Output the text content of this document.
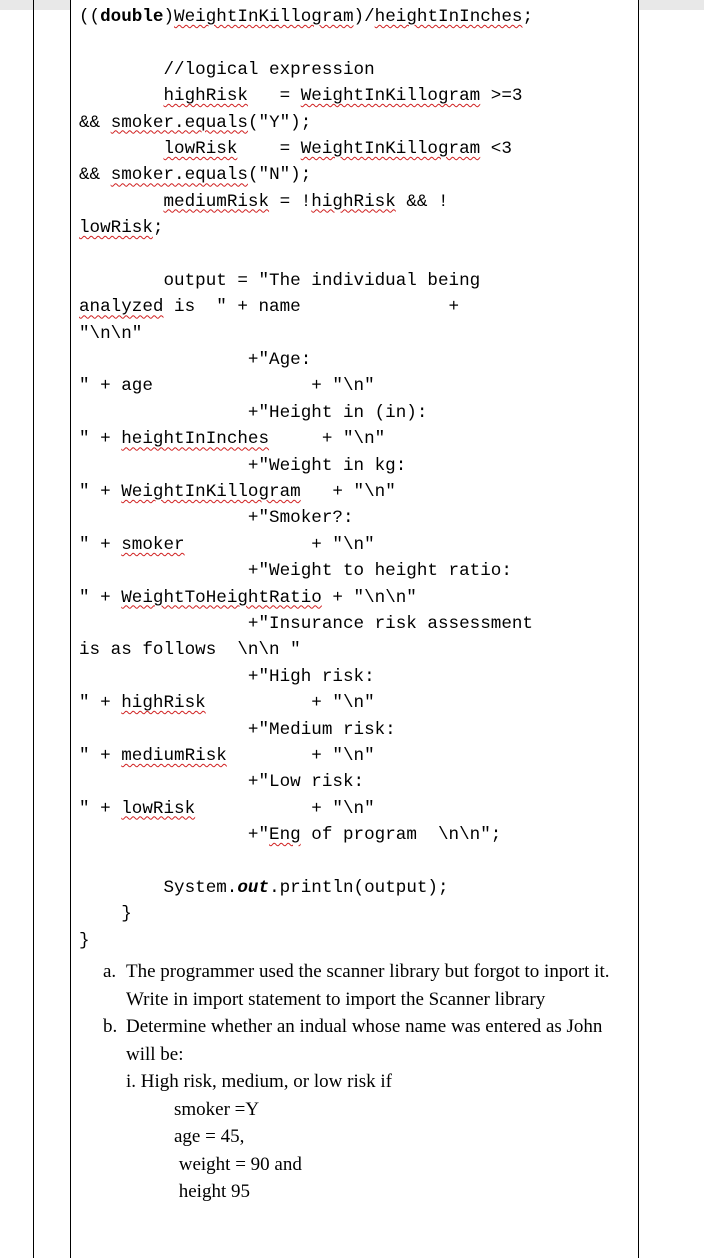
((double)WeightInKillogram)/heightInInches;
//logical expression
highRisk   = WeightInKillogram >=3
&& smoker.equals("Y");
lowRisk    = WeightInKillogram <3
&& smoker.equals("N");
mediumRisk = !highRisk && !
lowRisk;
output = "The individual being
analyzed is  " + name              +
"\n\n"
+"Age:
" + age               + "\n"
+"Height in (in):
" + heightInInches     + "\n"
+"Weight in kg:
" + WeightInKillogram   + "\n"
+"Smoker?:
" + smoker            + "\n"
+"Weight to height ratio:
" + WeightToHeightRatio + "\n\n"
+"Insurance risk assessment
is as follows  \n\n "
+"High risk:
" + highRisk          + "\n"
+"Medium risk:
" + mediumRisk        + "\n"
+"Low risk:
" + lowRisk           + "\n"
+"Eng of program  \n\n";
System.out.println(output);
}
}
a. The programmer used the scanner library but forgot to inport it. Write in import statement to import the Scanner library
b. Determine whether an indual whose name was entered as John will be:
i. High risk, medium, or low risk if
smoker =Y
age = 45,
weight = 90 and
height 95
